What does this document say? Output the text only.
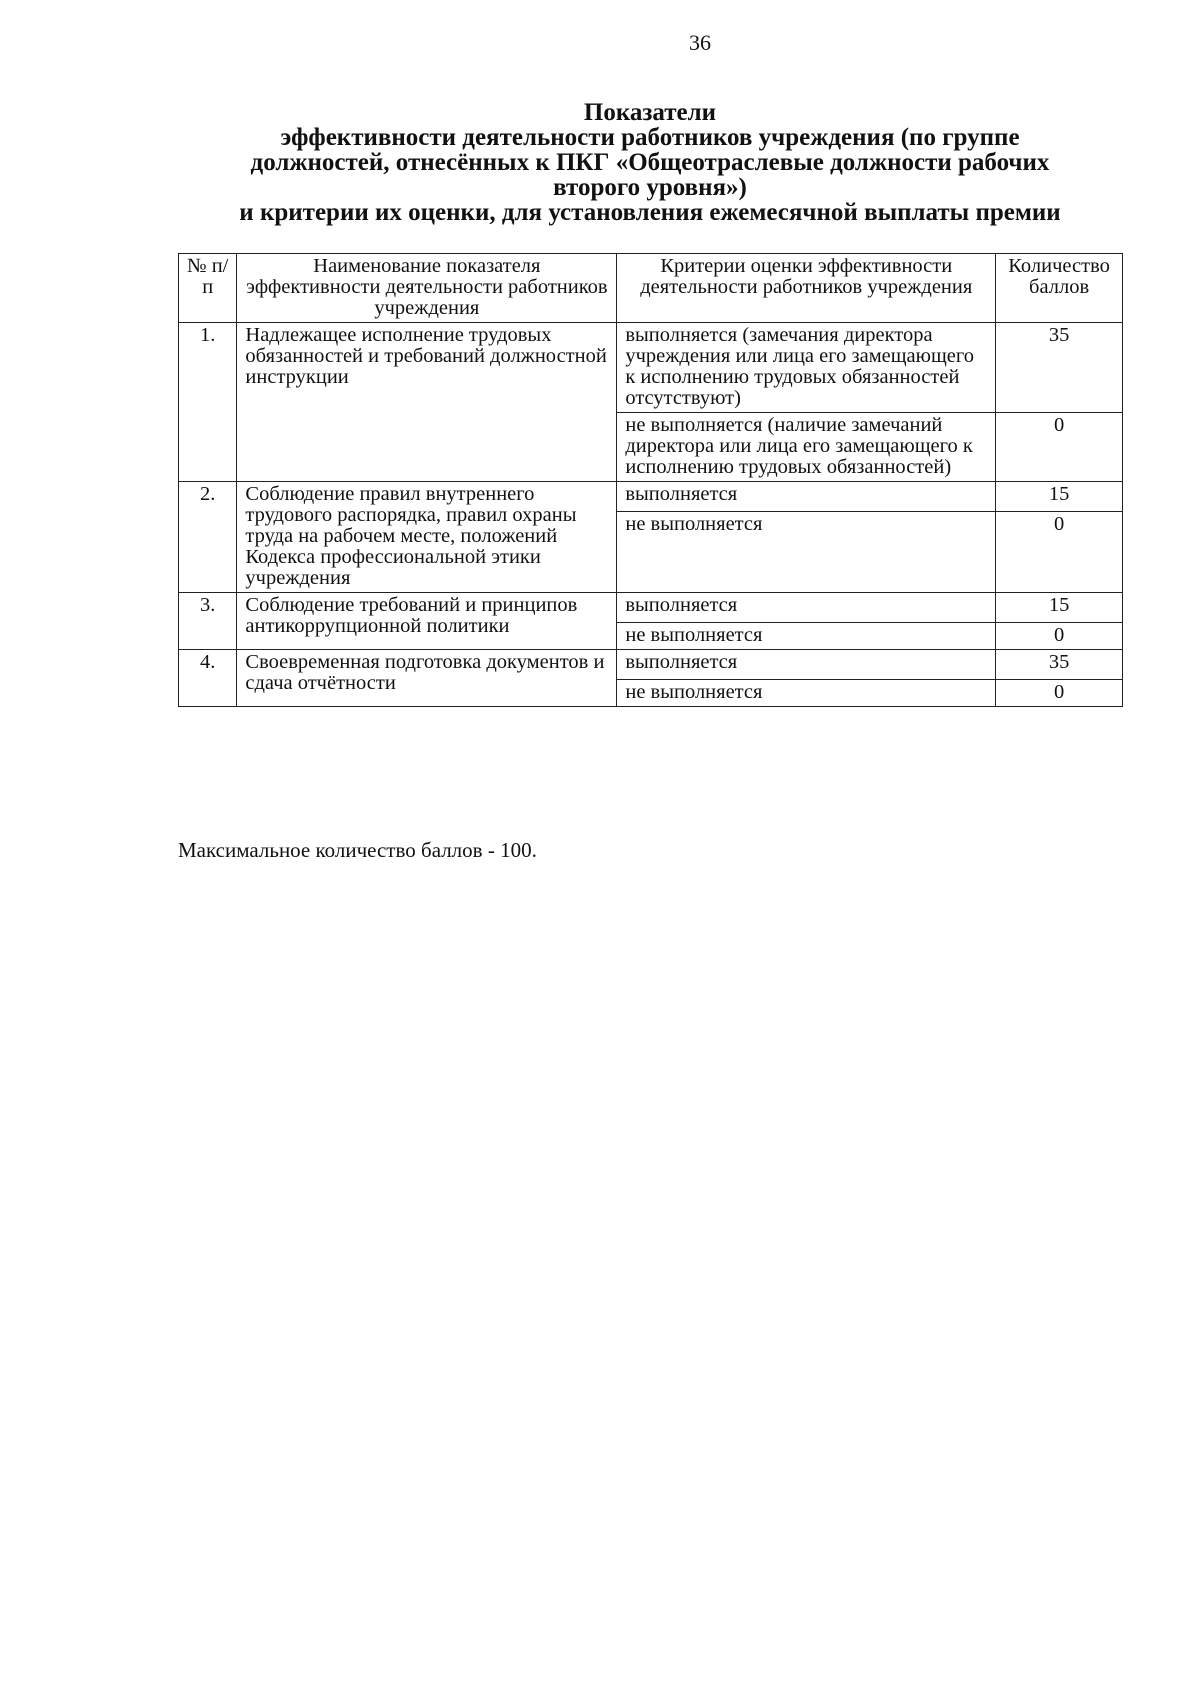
36
Показатели
эффективности деятельности работников учреждения (по группе
должностей, отнесённых к ПКГ «Общеотраслевые должности рабочих
второго уровня»)
и критерии их оценки, для установления ежемесячной выплаты премии
№ п/п	Наименование показателя эффективности деятельности работников учреждения	Критерии оценки эффективности деятельности работников учреждения	Количество баллов
1.	Надлежащее исполнение трудовых обязанностей и требований должностной инструкции	выполняется (замечания директора учреждения или лица его замещающего к исполнению трудовых обязанностей отсутствуют)	35
		не выполняется (наличие замечаний директора или лица его замещающего к исполнению трудовых обязанностей)	0
2.	Соблюдение правил внутреннего трудового распорядка, правил охраны труда на рабочем месте, положений Кодекса профессиональной этики учреждения	выполняется	15
		не выполняется	0
3.	Соблюдение требований и принципов антикоррупционной политики	выполняется	15
		не выполняется	0
4.	Своевременная подготовка документов и сдача отчётности	выполняется	35
		не выполняется	0
Максимальное количество баллов - 100.
